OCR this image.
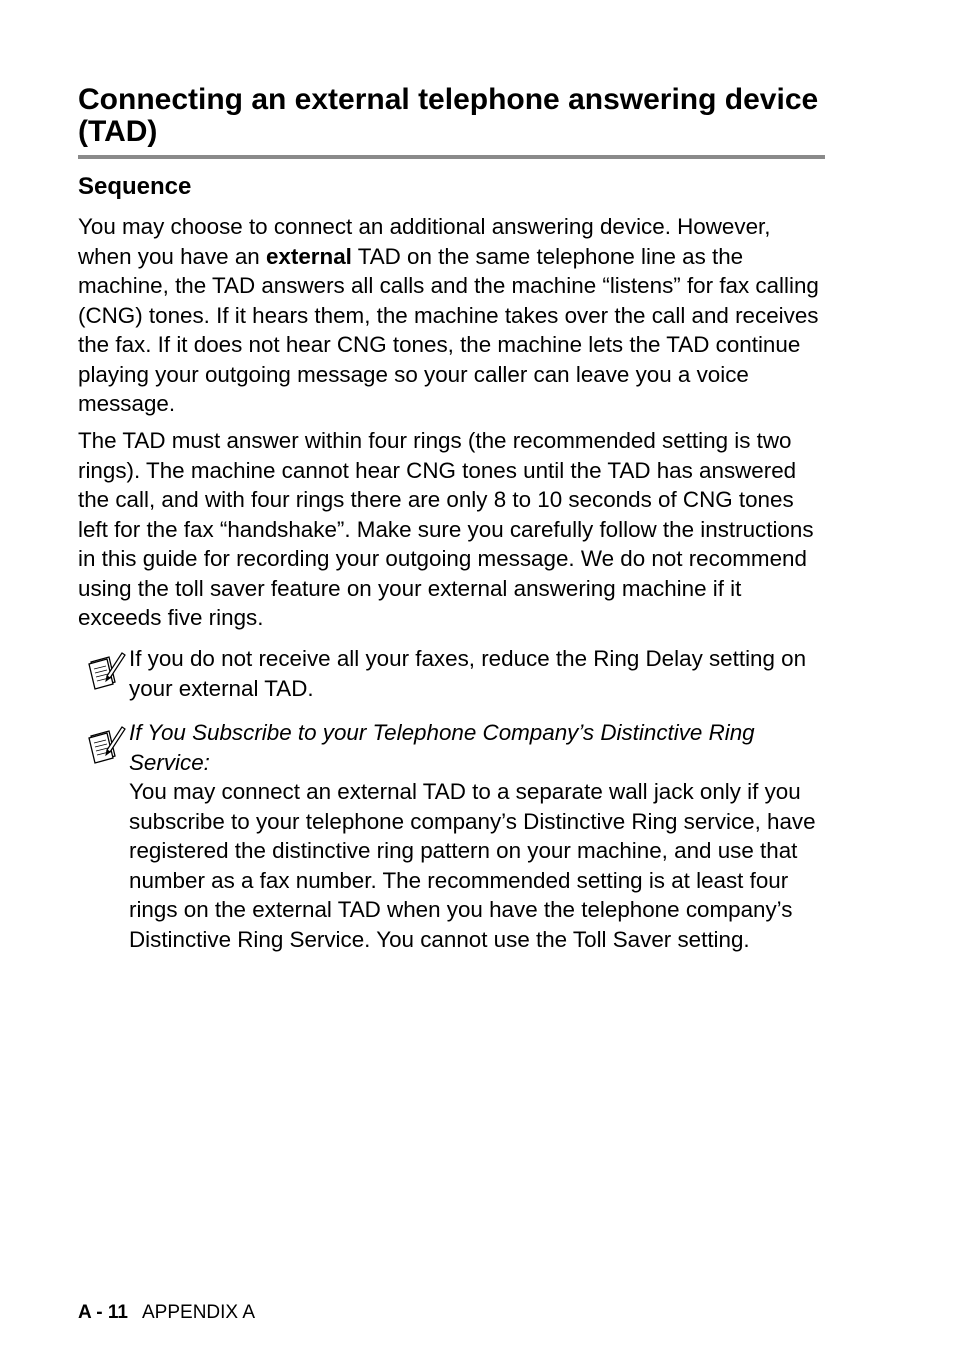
Connecting an external telephone answering device (TAD)
Sequence

You may choose to connect an additional answering device. However, when you have an external TAD on the same telephone line as the machine, the TAD answers all calls and the machine “listens” for fax calling (CNG) tones. If it hears them, the machine takes over the call and receives the fax. If it does not hear CNG tones, the machine lets the TAD continue playing your outgoing message so your caller can leave you a voice message.

The TAD must answer within four rings (the recommended setting is two rings). The machine cannot hear CNG tones until the TAD has answered the call, and with four rings there are only 8 to 10 seconds of CNG tones left for the fax “handshake”. Make sure you carefully follow the instructions in this guide for recording your outgoing message. We do not recommend using the toll saver feature on your external answering machine if it exceeds five rings.

If you do not receive all your faxes, reduce the Ring Delay setting on your external TAD.

If You Subscribe to your Telephone Company’s Distinctive Ring Service:

You may connect an external TAD to a separate wall jack only if you subscribe to your telephone company’s Distinctive Ring service, have registered the distinctive ring pattern on your machine, and use that number as a fax number. The recommended setting is at least four rings on the external TAD when you have the telephone company’s Distinctive Ring Service. You cannot use the Toll Saver setting.

A - 11 APPENDIX A
